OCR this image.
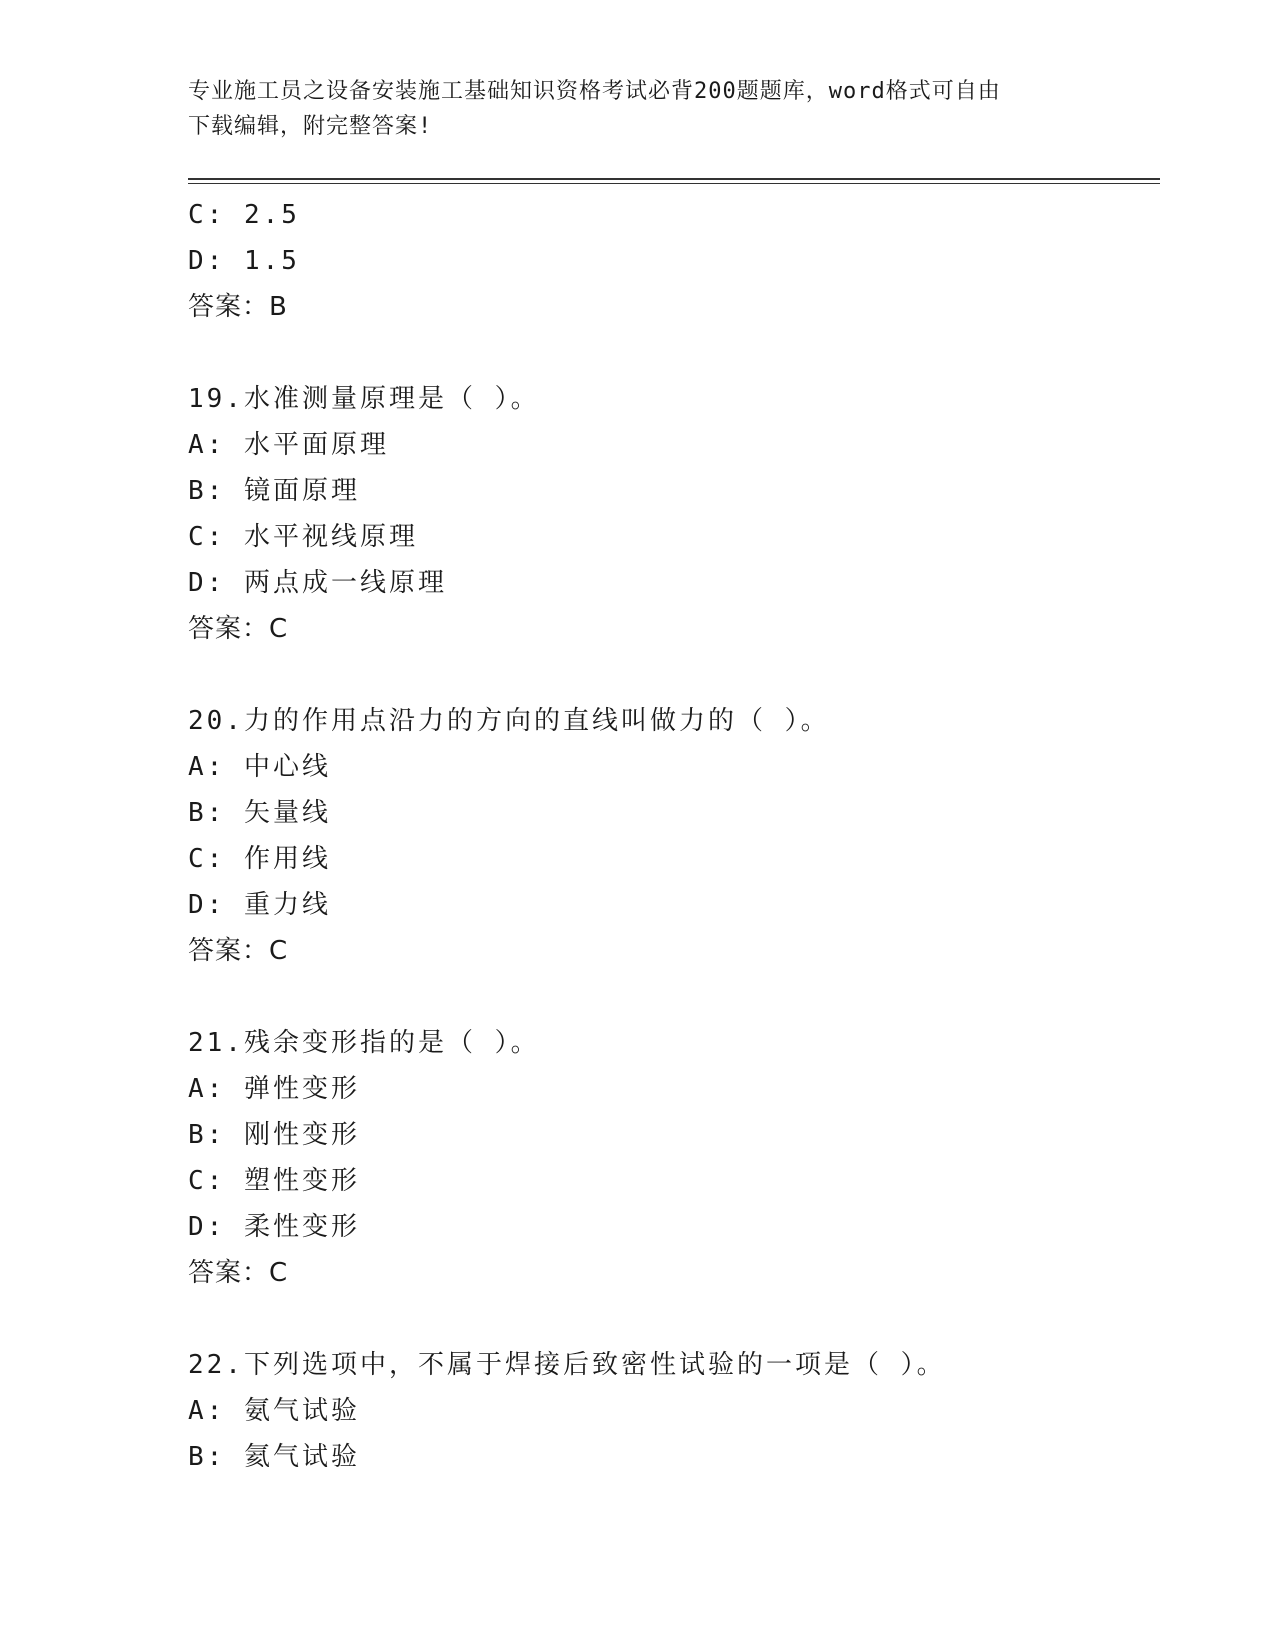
专业施工员之设备安装施工基础知识资格考试必背200题题库，word格式可自由
下载编辑，附完整答案!
C: 2.5
D: 1.5
答案：B
19.水准测量原理是（ ）。
A: 水平面原理
B: 镜面原理
C: 水平视线原理
D: 两点成一线原理
答案：C
20.力的作用点沿力的方向的直线叫做力的（ ）。
A: 中心线
B: 矢量线
C: 作用线
D: 重力线
答案：C
21.残余变形指的是（ ）。
A: 弹性变形
B: 刚性变形
C: 塑性变形
D: 柔性变形
答案：C
22.下列选项中，不属于焊接后致密性试验的一项是（ ）。
A: 氨气试验
B: 氦气试验
